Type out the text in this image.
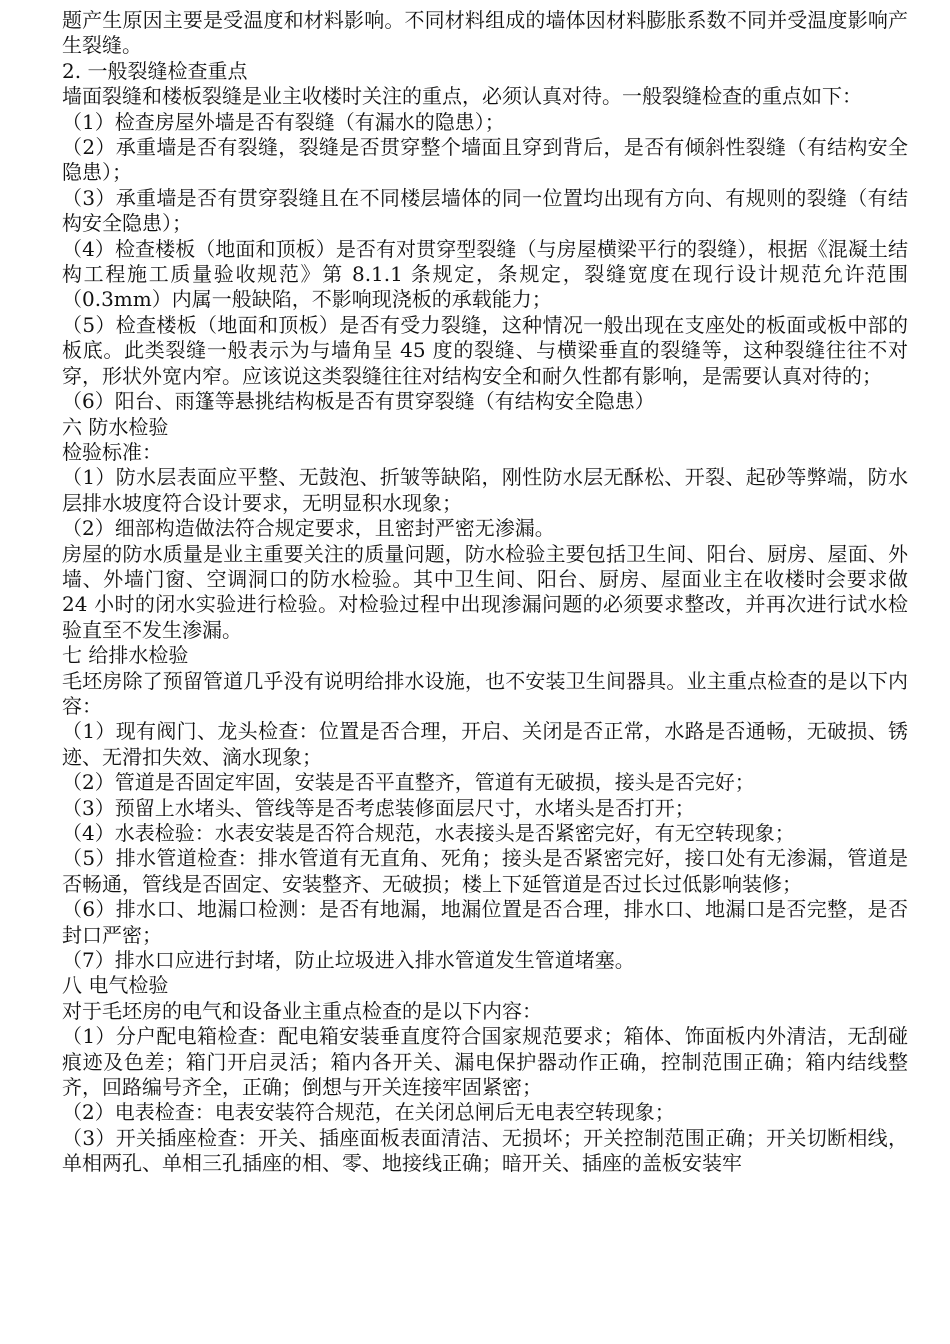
题产生原因主要是受温度和材料影响。不同材料组成的墙体因材料膨胀系数不同并受温度影响产生裂缝。

2. 一般裂缝检查重点

墙面裂缝和楼板裂缝是业主收楼时关注的重点，必须认真对待。一般裂缝检查的重点如下：

（1）检查房屋外墙是否有裂缝（有漏水的隐患）；

（2）承重墙是否有裂缝，裂缝是否贯穿整个墙面且穿到背后，是否有倾斜性裂缝（有结构安全隐患）；

（3）承重墙是否有贯穿裂缝且在不同楼层墙体的同一位置均出现有方向、有规则的裂缝（有结构安全隐患）；

（4）检查楼板（地面和顶板）是否有对贯穿型裂缝（与房屋横梁平行的裂缝），根据《混凝土结构工程施工质量验收规范》第 8.1.1 条规定，条规定，裂缝宽度在现行设计规范允许范围（0.3mm）内属一般缺陷，不影响现浇板的承载能力；

（5）检查楼板（地面和顶板）是否有受力裂缝，这种情况一般出现在支座处的板面或板中部的板底。此类裂缝一般表示为与墙角呈 45 度的裂缝、与横梁垂直的裂缝等，这种裂缝往往不对穿，形状外宽内窄。应该说这类裂缝往往对结构安全和耐久性都有影响，是需要认真对待的；

（6）阳台、雨篷等悬挑结构板是否有贯穿裂缝（有结构安全隐患）

六 防水检验

检验标准：

（1）防水层表面应平整、无鼓泡、折皱等缺陷，刚性防水层无酥松、开裂、起砂等弊端，防水层排水坡度符合设计要求，无明显积水现象；

（2）细部构造做法符合规定要求，且密封严密无渗漏。

房屋的防水质量是业主重要关注的质量问题，防水检验主要包括卫生间、阳台、厨房、屋面、外墙、外墙门窗、空调洞口的防水检验。其中卫生间、阳台、厨房、屋面业主在收楼时会要求做 24 小时的闭水实验进行检验。对检验过程中出现渗漏问题的必须要求整改，并再次进行试水检验直至不发生渗漏。

七 给排水检验

毛坯房除了预留管道几乎没有说明给排水设施，也不安装卫生间器具。业主重点检查的是以下内容：

（1）现有阀门、龙头检查：位置是否合理，开启、关闭是否正常，水路是否通畅，无破损、锈迹、无滑扣失效、滴水现象；

（2）管道是否固定牢固，安装是否平直整齐，管道有无破损，接头是否完好；

（3）预留上水堵头、管线等是否考虑装修面层尺寸，水堵头是否打开；

（4）水表检验：水表安装是否符合规范，水表接头是否紧密完好，有无空转现象；

（5）排水管道检查：排水管道有无直角、死角；接头是否紧密完好，接口处有无渗漏，管道是否畅通，管线是否固定、安装整齐、无破损；楼上下延管道是否过长过低影响装修；

（6）排水口、地漏口检测：是否有地漏，地漏位置是否合理，排水口、地漏口是否完整，是否封口严密；

（7）排水口应进行封堵，防止垃圾进入排水管道发生管道堵塞。

八 电气检验

对于毛坯房的电气和设备业主重点检查的是以下内容：

（1）分户配电箱检查：配电箱安装垂直度符合国家规范要求；箱体、饰面板内外清洁，无刮碰痕迹及色差；箱门开启灵活；箱内各开关、漏电保护器动作正确，控制范围正确；箱内结线整齐，回路编号齐全，正确；倒想与开关连接牢固紧密；

（2）电表检查：电表安装符合规范，在关闭总闸后无电表空转现象；

（3）开关插座检查：开关、插座面板表面清洁、无损坏；开关控制范围正确；开关切断相线，单相两孔、单相三孔插座的相、零、地接线正确；暗开关、插座的盖板安装牢
